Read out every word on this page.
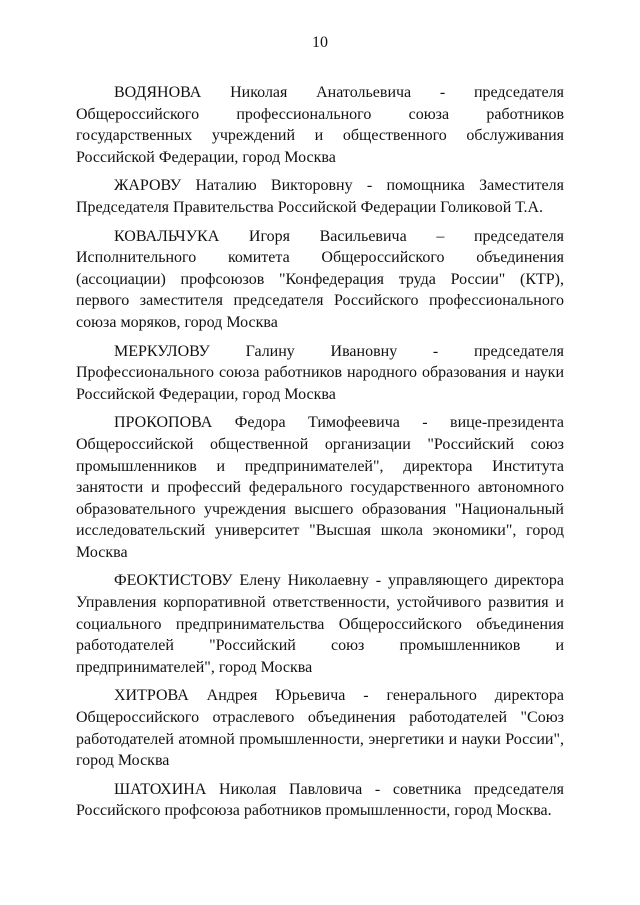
10

ВОДЯНОВА Николая Анатольевича - председателя Общероссийского профессионального союза работников государственных учреждений и общественного обслуживания Российской Федерации, город Москва

ЖАРОВУ Наталию Викторовну - помощника Заместителя Председателя Правительства Российской Федерации Голиковой Т.А.

КОВАЛЬЧУКА Игоря Васильевича – председателя Исполнительного комитета Общероссийского объединения (ассоциации) профсоюзов "Конфедерация труда России" (КТР), первого заместителя председателя Российского профессионального союза моряков, город Москва

МЕРКУЛОВУ Галину Ивановну - председателя Профессионального союза работников народного образования и науки Российской Федерации, город Москва

ПРОКОПОВА Федора Тимофеевича - вице-президента Общероссийской общественной организации "Российский союз промышленников и предпринимателей", директора Института занятости и профессий федерального государственного автономного образовательного учреждения высшего образования "Национальный исследовательский университет "Высшая школа экономики", город Москва

ФЕОКТИСТОВУ Елену Николаевну - управляющего директора Управления корпоративной ответственности, устойчивого развития и социального предпринимательства Общероссийского объединения работодателей "Российский союз промышленников и предпринимателей", город Москва

ХИТРОВА Андрея Юрьевича - генерального директора Общероссийского отраслевого объединения работодателей "Союз работодателей атомной промышленности, энергетики и науки России", город Москва

ШАТОХИНА Николая Павловича - советника председателя Российского профсоюза работников промышленности, город Москва.
